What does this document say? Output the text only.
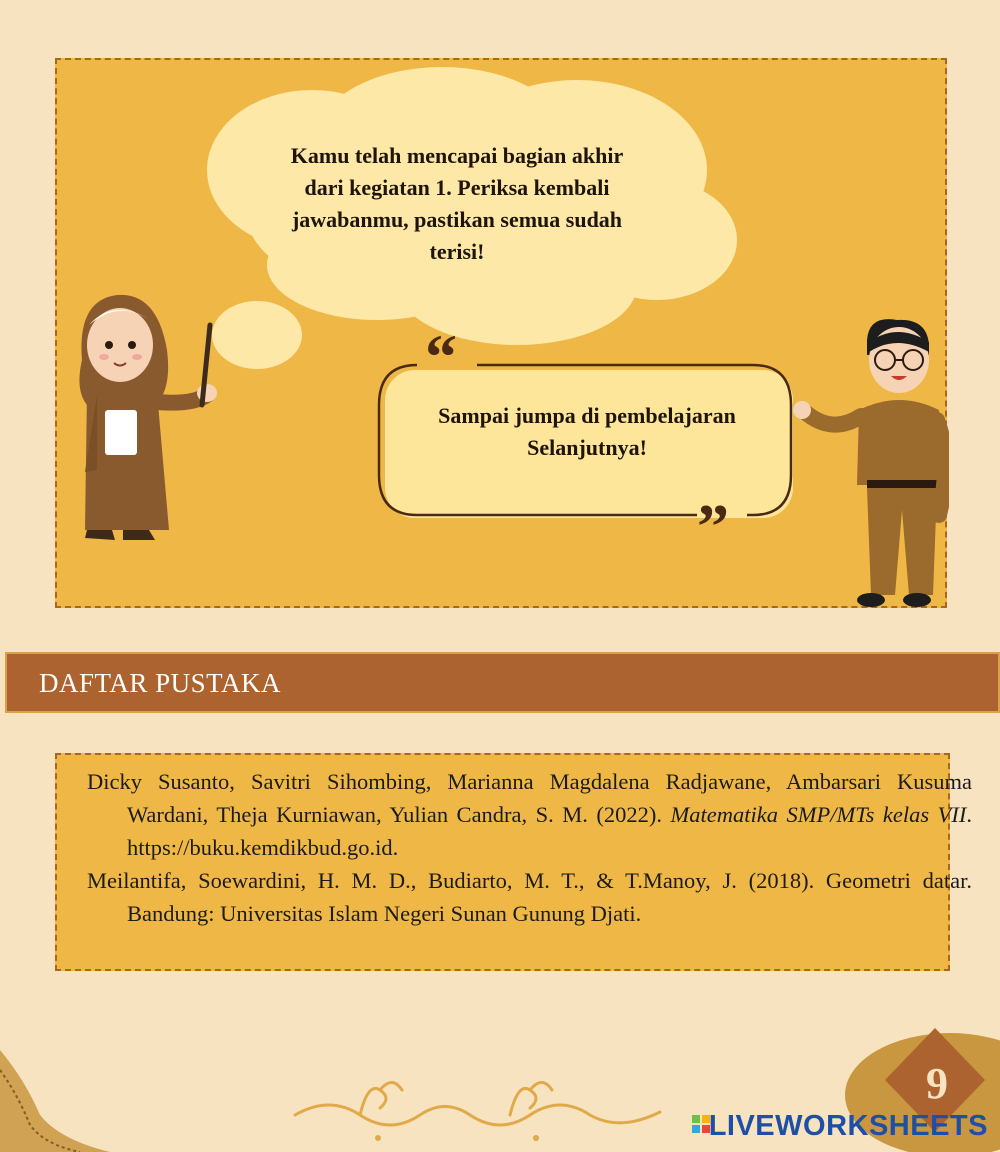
“
”
Kamu telah mencapai bagian akhir
dari kegiatan 1. Periksa kembali
jawabanmu, pastikan semua sudah
terisi!
Sampai jumpa di pembelajaran
Selanjutnya!
DAFTAR PUSTAKA
Dicky Susanto, Savitri Sihombing, Marianna Magdalena Radjawane, Ambarsari Kusuma Wardani, Theja Kurniawan, Yulian Candra, S. M. (2022). Matematika SMP/MTs kelas VII. https://buku.kemdikbud.go.id.
Meilantifa, Soewardini, H. M. D., Budiarto, M. T., & T.Manoy, J. (2018). Geometri datar. Bandung: Universitas Islam Negeri Sunan Gunung Djati.
9
LIVEWORKSHEETS
